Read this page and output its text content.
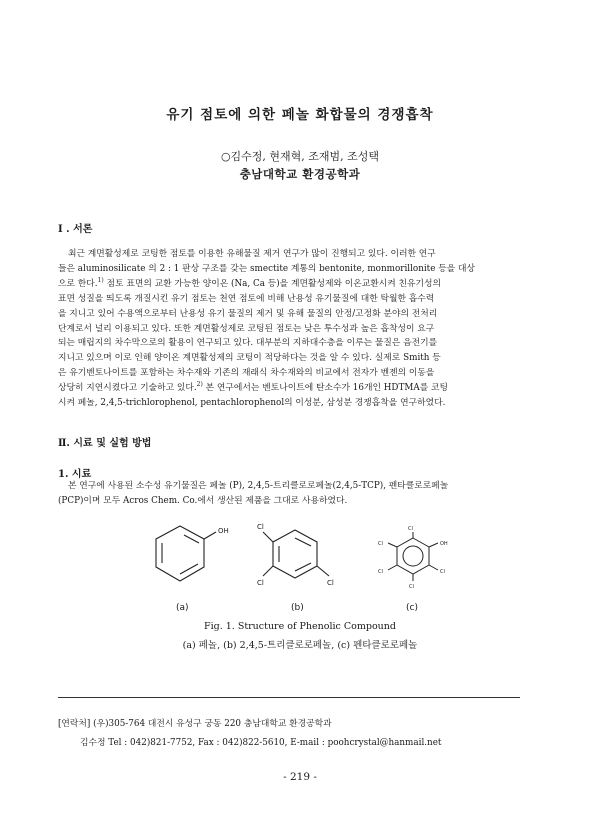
유기 점토에 의한 페놀 화합물의 경쟁흡착
○김수정, 현재혁, 조재범, 조성택
충남대학교 환경공학과
I . 서론
최근 계면활성제로 코팅한 점토를 이용한 유해물질 제거 연구가 많이 진행되고 있다. 이러한 연구
들은 aluminosilicate 의 2 : 1 판상 구조를 갖는 smectite 계통의 bentonite, monmorillonite 등을 대상
으로 한다.$^{1)}$ 점토 표면의 교환 가능한 양이온 (Na, Ca 등)을 계면활성제와 이온교환시켜 친유기성의
표면 성질을 띄도록 개질시킨 유기 점토는 천연 점토에 비해 난용성 유기물질에 대한 탁월한 흡수력
을 지니고 있어 수용액으로부터 난용성 유기 물질의 제거 및 유해 물질의 안정/고정화 분야의 전처리
단계로서 널리 이용되고 있다. 또한 계면활성제로 코팅된 점토는 낮은 투수성과 높은 흡착성이 요구
되는 매립지의 차수막으로의 활용이 연구되고 있다. 대부분의 지하대수층을 이루는 물질은 음전기를
지니고 있으며 이로 인해 양이온 계면활성제의 코팅이 적당하다는 것을 알 수 있다. 실제로 Smith 등
은 유기벤토나이트를 포함하는 차수재와 기존의 재래식 차수재와의 비교에서 전자가 벤젠의 이동을
상당히 지연시켰다고 기술하고 있다.$^{2)}$ 본 연구에서는 벤토나이트에 탄소수가 16개인 HDTMA를 코팅
시켜 페놀, 2,4,5-trichlorophenol, pentachlorophenol의 이성분, 삼성분 경쟁흡착을 연구하였다.
Ⅱ. 시료 및 실험 방법
1. 시료
본 연구에 사용된 소수성 유기물질은 페놀 (P), 2,4,5-트리클로로페놀(2,4,5-TCP), 펜타클로로페놀
(PCP)이며 모두 Acros Chem. Co.에서 생산된 제품을 그대로 사용하였다.
OH	Cl
Cl	Cl
Cl
OH
Cl
Cl
Cl
Cl
(a)	(b)	(c)
Fig. 1. Structure of Phenolic Compound
(a) 페놀, (b) 2,4,5-트리클로로페놀, (c) 펜타클로로페놀
[연락처] (우)305-764 대전시 유성구 궁동 220 충남대학교 환경공학과
김수정 Tel : 042)821-7752, Fax : 042)822-5610, E-mail : poohcrystal@hanmail.net
- 219 -
